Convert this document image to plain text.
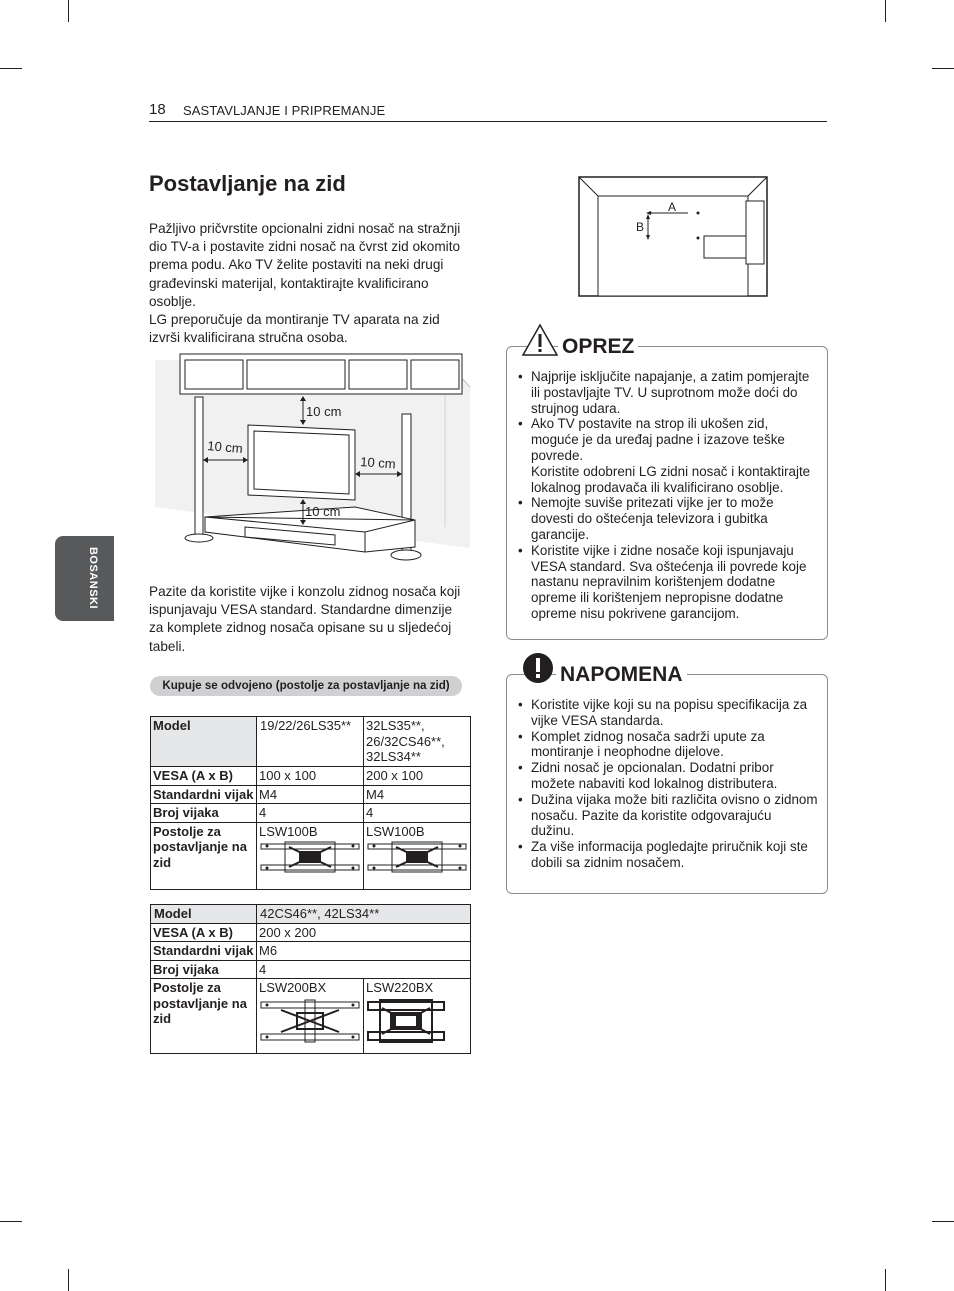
18 SASTAVLJANJE I PRIPREMANJE
BOSANSKI
Postavljanje na zid

Pažljivo pričvrstite opcionalni zidni nosač na stražnji dio TV-a i postavite zidni nosač na čvrst zid okomito prema podu. Ako TV želite postaviti na neki drugi građevinski materijal, kontaktirajte kvalificirano osoblje.

LG preporučuje da montiranje TV aparata na zid izvrši kvalificirana stručna osoba.

10 cm
10 cm
10 cm
10 cm
Pazite da koristite vijke i konzolu zidnog nosača koji ispunjavaju VESA standard. Standardne dimenzije za komplete zidnog nosača opisane su u sljedećoj tabeli.
Kupuje se odvojeno (postolje za postavljanje na zid)
Model	19/22/26LS35**	32LS35**, 26/32CS46**, 32LS34**
VESA (A x B)	100 x 100	200 x 100
Standardni vijak	M4	M4
Broj vijaka	4	4
Postolje za postavljanje na zid	LSW100B	LSW100B
Model	42CS46**, 42LS34**	
VESA (A x B)	200 x 200	
Standardni vijak	M6	
Broj vijaka	4	
Postolje za postavljanje na zid	LSW200BX	LSW220BX
A
B
OPREZ
• Najprije isključite napajanje, a zatim pomjerajte ili postavljajte TV. U suprotnom može doći do strujnog udara.
• Ako TV postavite na strop ili ukošen zid, moguće je da uređaj padne i izazove teške povrede.
Koristite odobreni LG zidni nosač i kontaktirajte lokalnog prodavača ili kvalificirano osoblje.
• Nemojte suviše pritezati vijke jer to može dovesti do oštećenja televizora i gubitka garancije.
• Koristite vijke i zidne nosače koji ispunjavaju VESA standard. Sva oštećenja ili povrede koje nastanu nepravilnim korištenjem dodatne opreme ili korištenjem nepropisne dodatne opreme nisu pokrivene garancijom.
NAPOMENA
• Koristite vijke koji su na popisu specifikacija za vijke VESA standarda.
• Komplet zidnog nosača sadrži upute za montiranje i neophodne dijelove.
• Zidni nosač je opcionalan. Dodatni pribor možete nabaviti kod lokalnog distributera.
• Dužina vijaka može biti različita ovisno o zidnom nosaču. Pazite da koristite odgovarajuću dužinu.
• Za više informacija pogledajte priručnik koji ste dobili sa zidnim nosačem.
